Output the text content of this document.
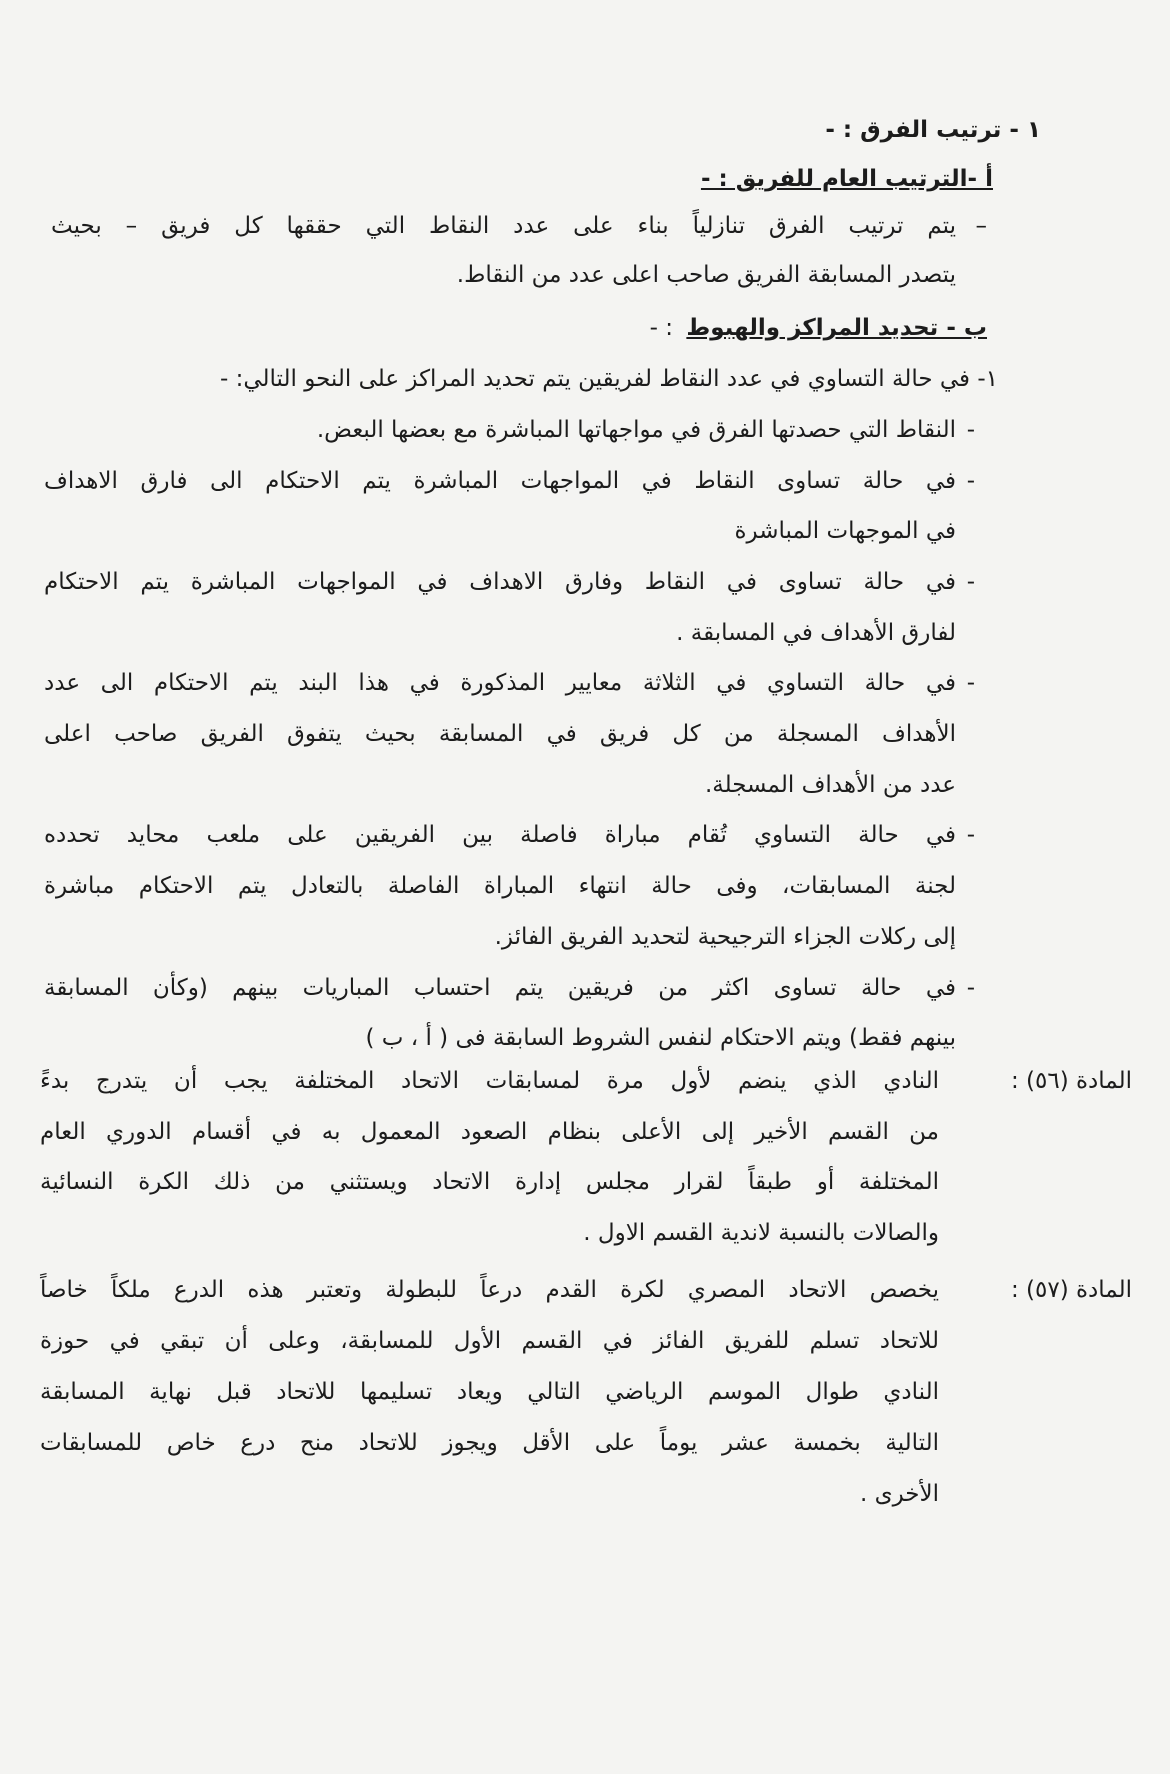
١ - ترتيب الفرق : -
أ -الترتيب العام للفريق : -
–
يتم ترتيب الفرق تنازلياً بناء على عدد النقاط التي حققها كل فريق – بحيث
يتصدر المسابقة الفريق صاحب اعلى عدد من النقاط.
ب - تحديد المراكز والهبوط
: -
١- في حالة التساوي في عدد النقاط لفريقين يتم تحديد المراكز على النحو التالي: -
-
النقاط التي حصدتها الفرق في مواجهاتها المباشرة مع بعضها البعض.
-
في حالة تساوى النقاط في المواجهات المباشرة يتم الاحتكام الى فارق الاهداف
في الموجهات المباشرة
-
في حالة تساوى في النقاط وفارق الاهداف في المواجهات المباشرة يتم الاحتكام
لفارق الأهداف في المسابقة .
-
في حالة التساوي في الثلاثة معايير المذكورة في هذا البند يتم الاحتكام الى عدد
الأهداف المسجلة من كل فريق في المسابقة بحيث يتفوق الفريق صاحب اعلى
عدد من الأهداف المسجلة.
-
في حالة التساوي تُقام مباراة فاصلة بين الفريقين على ملعب محايد تحدده
لجنة المسابقات، وفى حالة انتهاء المباراة الفاصلة بالتعادل يتم الاحتكام مباشرة
إلى ركلات الجزاء الترجيحية لتحديد الفريق الفائز.
-
في حالة تساوى اكثر من فريقين يتم احتساب المباريات بينهم (وكأن المسابقة
بينهم فقط) ويتم الاحتكام لنفس الشروط السابقة فى ( أ ، ب )
المادة (٥٦) :
النادي الذي ينضم لأول مرة لمسابقات الاتحاد المختلفة يجب أن يتدرج بدءً
من القسم الأخير إلى الأعلى بنظام الصعود المعمول به في أقسام الدوري العام
المختلفة أو طبقاً لقرار مجلس إدارة الاتحاد ويستثني من ذلك الكرة النسائية
والصالات بالنسبة لاندية القسم الاول .
المادة (٥٧) :
يخصص الاتحاد المصري لكرة القدم درعاً للبطولة وتعتبر هذه الدرع ملكاً خاصاً
للاتحاد تسلم للفريق الفائز في القسم الأول للمسابقة، وعلى أن تبقي في حوزة
النادي طوال الموسم الرياضي التالي ويعاد تسليمها للاتحاد قبل نهاية المسابقة
التالية بخمسة عشر يوماً على الأقل ويجوز للاتحاد منح درع خاص للمسابقات
الأخرى .
